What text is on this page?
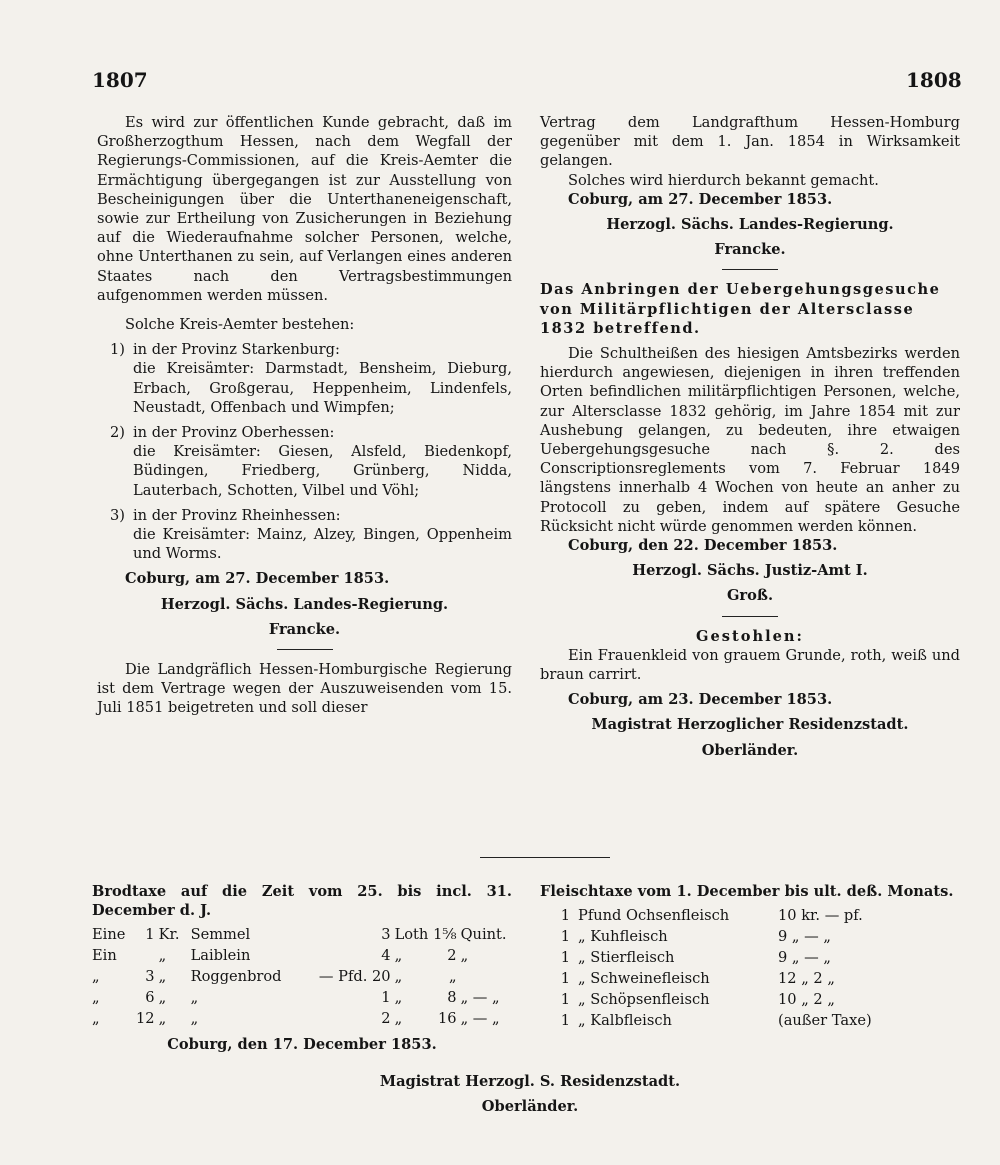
1807	1808

Es wird zur öffentlichen Kunde gebracht, daß im Großherzogthum Hessen, nach dem Wegfall der Regierungs-Commissionen, auf die Kreis-Aemter die Ermächtigung übergegangen ist zur Ausstellung von Bescheinigungen über die Unterthaneneigenschaft, sowie zur Ertheilung von Zusicherungen in Beziehung auf die Wiederaufnahme solcher Personen, welche, ohne Unterthanen zu sein, auf Verlangen eines anderen Staates nach den Vertragsbestimmungen aufgenommen werden müssen.

Solche Kreis-Aemter bestehen:

1) in der Provinz Starkenburg:

die Kreisämter: Darmstadt, Bensheim, Dieburg, Erbach, Großgerau, Heppenheim, Lindenfels, Neustadt, Offenbach und Wimpfen;

2) in der Provinz Oberhessen:

die Kreisämter: Giesen, Alsfeld, Biedenkopf, Büdingen, Friedberg, Grünberg, Nidda, Lauterbach, Schotten, Vilbel und Vöhl;

3) in der Provinz Rheinhessen:

die Kreisämter: Mainz, Alzey, Bingen, Oppenheim und Worms.

Coburg, am 27. December 1853.

Herzogl. Sächs. Landes-Regierung.

Francke.

Die Landgräflich Hessen-Homburgische Regierung ist dem Vertrage wegen der Auszuweisenden vom 15. Juli 1851 beigetreten und soll dieser

Vertrag dem Landgrafthum Hessen-Homburg gegenüber mit dem 1. Jan. 1854 in Wirksamkeit gelangen.

Solches wird hierdurch bekannt gemacht.

Coburg, am 27. December 1853.

Herzogl. Sächs. Landes-Regierung.

Francke.

Das Anbringen der Uebergehungsgesuche

von Militärpflichtigen der Altersclasse

1832 betreffend.

Die Schultheißen des hiesigen Amtsbezirks werden hierdurch angewiesen, diejenigen in ihren treffenden Orten befindlichen militärpflichtigen Personen, welche, zur Altersclasse 1832 gehörig, im Jahre 1854 mit zur Aushebung gelangen, zu bedeuten, ihre etwaigen Uebergehungsgesuche nach §. 2. des Conscriptionsreglements vom 7. Februar 1849 längstens innerhalb 4 Wochen von heute an anher zu Protocoll zu geben, indem auf spätere Gesuche Rücksicht nicht würde genommen werden können.

Coburg, den 22. December 1853.

Herzogl. Sächs. Justiz-Amt I.

Groß.

Gestohlen:

Ein Frauenkleid von grauem Grunde, roth, weiß und braun carrirt.

Coburg, am 23. December 1853.

Magistrat Herzoglicher Residenzstadt.

Oberländer.

Brodtaxe auf die Zeit vom 25. bis incl. 31. December d. J.

Eine	1	Kr.	Semmel	3	Loth	1⅝	Quint.
Ein		„	Laiblein	4	„	2	„
„	3	„	Roggenbrod	— Pfd. 20	„	„	
„	6	„	„	1	„	8	„ — „
„	12	„	„	2	„	16	„ — „

Coburg, den 17. December 1853.

Fleischtaxe vom 1. December bis ult. deß. Monats.

1	Pfund Ochsenfleisch	10 kr. — pf.
1	„ Kuhfleisch	9 „ — „
1	„ Stierfleisch	9 „ — „
1	„ Schweinefleisch	12 „ 2 „
1	„ Schöpsenfleisch	10 „ 2 „
1	„ Kalbfleisch	(außer Taxe)

Magistrat Herzogl. S. Residenzstadt.

Oberländer.
